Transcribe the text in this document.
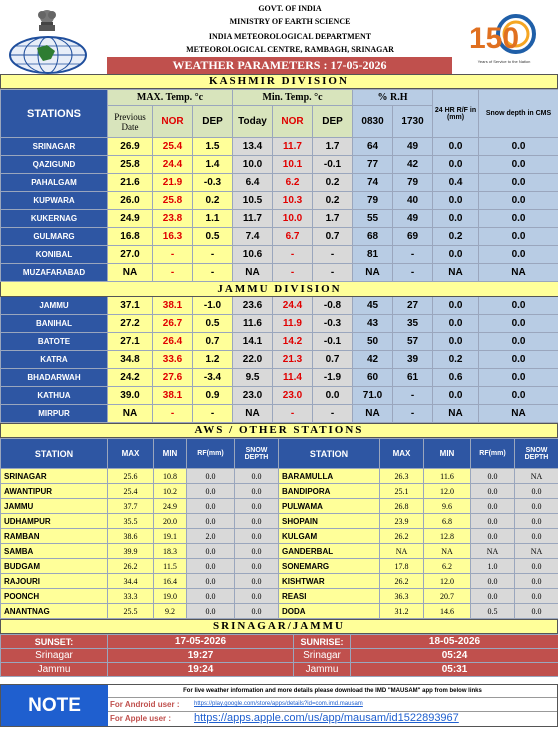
GOVT. OF INDIA
MINISTRY OF EARTH SCIENCE
INDIA METEOROLOGICAL DEPARTMENT
METEOROLOGICAL CENTRE, RAMBAGH, SRINAGAR
WEATHER PARAMETERS : 17-05-2026
150
Years of Service to the Nation
KASHMIR DIVISION
STATIONS	MAX. Temp. °c			Min. Temp. °c			% R.H		24 HR R/F in (mm)	Snow depth in CMS
	Previous Date	NOR	DEP	Today	NOR	DEP	0830	1730		
SRINAGAR	26.9	25.4	1.5	13.4	11.7	1.7	64	49	0.0	0.0
QAZIGUND	25.8	24.4	1.4	10.0	10.1	-0.1	77	42	0.0	0.0
PAHALGAM	21.6	21.9	-0.3	6.4	6.2	0.2	74	79	0.4	0.0
KUPWARA	26.0	25.8	0.2	10.5	10.3	0.2	79	40	0.0	0.0
KUKERNAG	24.9	23.8	1.1	11.7	10.0	1.7	55	49	0.0	0.0
GULMARG	16.8	16.3	0.5	7.4	6.7	0.7	68	69	0.2	0.0
KONIBAL	27.0	-	-	10.6	-	-	81	-	0.0	0.0
MUZAFARABAD	NA	-	-	NA	-	-	NA	-	NA	NA
JAMMU DIVISION										
JAMMU	37.1	38.1	-1.0	23.6	24.4	-0.8	45	27	0.0	0.0
BANIHAL	27.2	26.7	0.5	11.6	11.9	-0.3	43	35	0.0	0.0
BATOTE	27.1	26.4	0.7	14.1	14.2	-0.1	50	57	0.0	0.0
KATRA	34.8	33.6	1.2	22.0	21.3	0.7	42	39	0.2	0.0
BHADARWAH	24.2	27.6	-3.4	9.5	11.4	-1.9	60	61	0.6	0.0
KATHUA	39.0	38.1	0.9	23.0	23.0	0.0	71.0	-	0.0	0.0
MIRPUR	NA	-	-	NA	-	-	NA	-	NA	NA
AWS / OTHER STATIONS
STATION	MAX	MIN	RF(mm)	SNOW DEPTH	STATION	MAX	MIN	RF(mm)	SNOW DEPTH
SRINAGAR	25.6	10.8	0.0	0.0	BARAMULLA	26.3	11.6	0.0	NA
AWANTIPUR	25.4	10.2	0.0	0.0	BANDIPORA	25.1	12.0	0.0	0.0
JAMMU	37.7	24.9	0.0	0.0	PULWAMA	26.8	9.6	0.0	0.0
UDHAMPUR	35.5	20.0	0.0	0.0	SHOPAIN	23.9	6.8	0.0	0.0
RAMBAN	38.6	19.1	2.0	0.0	KULGAM	26.2	12.8	0.0	0.0
SAMBA	39.9	18.3	0.0	0.0	GANDERBAL	NA	NA	NA	NA
BUDGAM	26.2	11.5	0.0	0.0	SONEMARG	17.8	6.2	1.0	0.0
RAJOURI	34.4	16.4	0.0	0.0	KISHTWAR	26.2	12.0	0.0	0.0
POONCH	33.3	19.0	0.0	0.0	REASI	36.3	20.7	0.0	0.0
ANANTNAG	25.5	9.2	0.0	0.0	DODA	31.2	14.6	0.5	0.0
SRINAGAR/JAMMU
SUNSET:	17-05-2026	SUNRISE:	18-05-2026
Srinagar	19:27	Srinagar	05:24
Jammu	19:24	Jammu	05:31
NOTE
For live weather information and more details please download the IMD "MAUSAM" app from below links
For Android user : https://play.google.com/store/apps/details?id=com.imd.mausam
For Apple user : https://apps.apple.com/us/app/mausam/id1522893967
